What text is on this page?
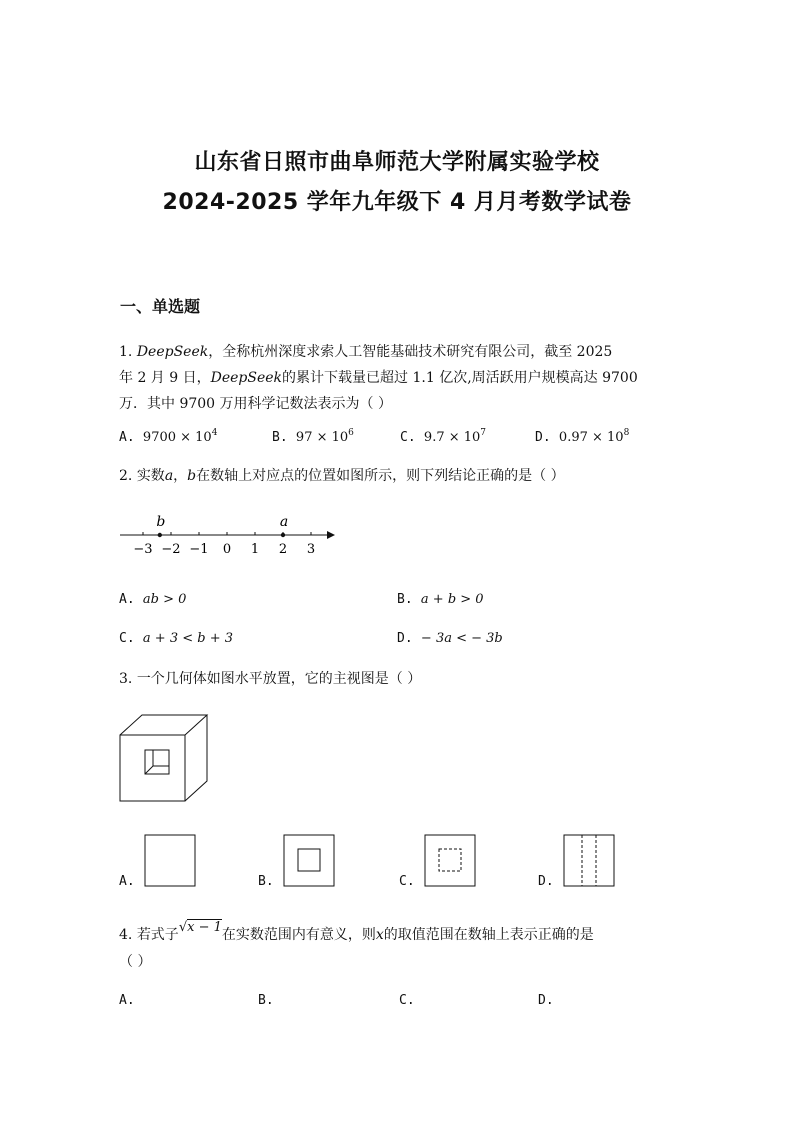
山东省日照市曲阜师范大学附属实验学校
2024-2025 学年九年级下 4 月月考数学试卷
一、单选题
1. DeepSeek，全称杭州深度求索人工智能基础技术研究有限公司，截至 2025
年 2 月 9 日，DeepSeek的累计下载量已超过 1.1 亿次,周活跃用户规模高达 9700
万．其中 9700 万用科学记数法表示为（ ）
A. $9700 \times 10^4$	B. $97 \times 10^6$	C. $9.7 \times 10^7$	D. $0.97 \times 10^8$
2. 实数a，b在数轴上对应点的位置如图所示，则下列结论正确的是（ ）
−3 −2 −1 0 1 2 3
b	a
A. ab > 0	B. a + b > 0
C. a + 3 < b + 3	D. − 3a < − 3b
3. 一个几何体如图水平放置，它的主视图是（ ）
A.	B.	C.	D.
4. 若式子√x − 1在实数范围内有意义，则x的取值范围在数轴上表示正确的是
（ ）
A.	B.	C.	D.
